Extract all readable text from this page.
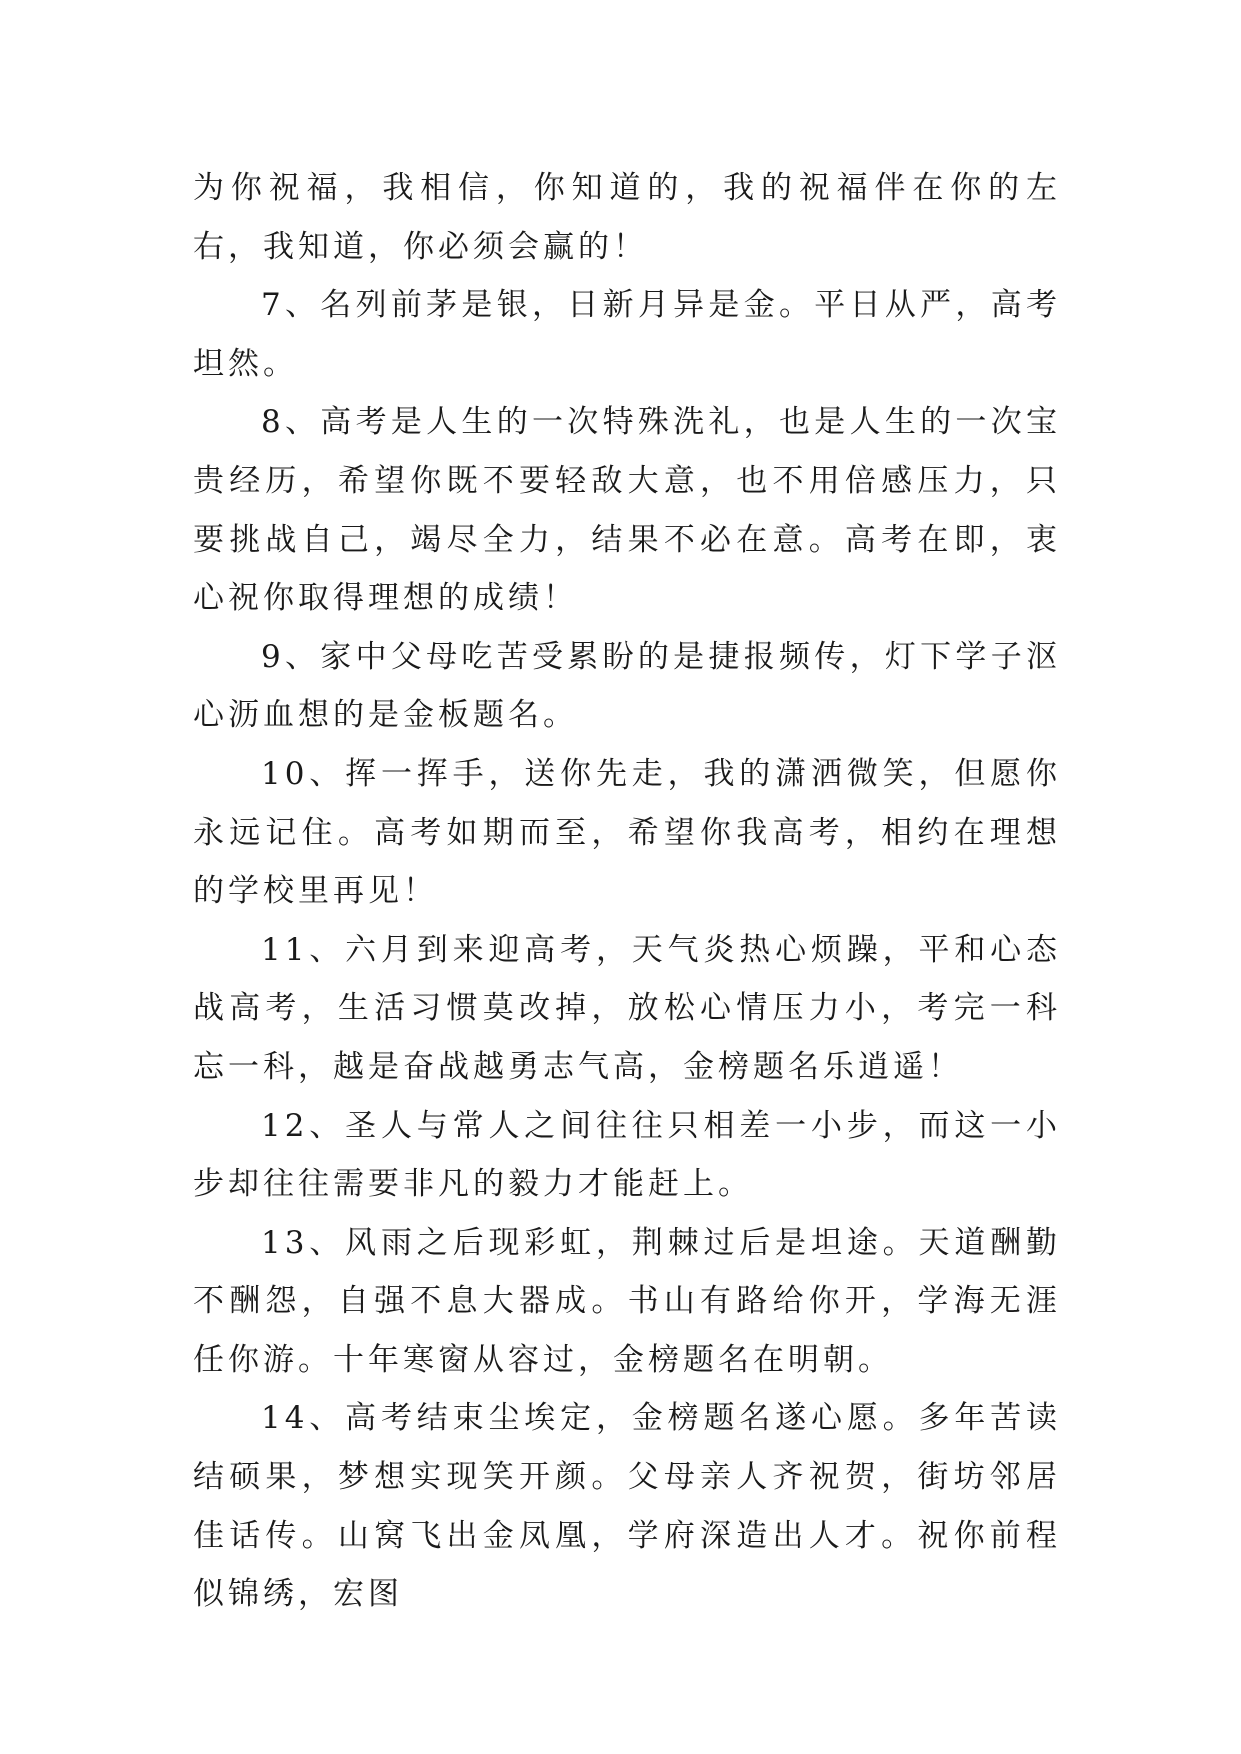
为你祝福，我相信，你知道的，我的祝福伴在你的左右，我知道，你必须会赢的！

7、名列前茅是银，日新月异是金。平日从严，高考坦然。

8、高考是人生的一次特殊洗礼，也是人生的一次宝贵经历，希望你既不要轻敌大意，也不用倍感压力，只要挑战自己，竭尽全力，结果不必在意。高考在即，衷心祝你取得理想的成绩！

9、家中父母吃苦受累盼的是捷报频传，灯下学子沤心沥血想的是金板题名。

10、挥一挥手，送你先走，我的潇洒微笑，但愿你永远记住。高考如期而至，希望你我高考，相约在理想的学校里再见！

11、六月到来迎高考，天气炎热心烦躁，平和心态战高考，生活习惯莫改掉，放松心情压力小，考完一科忘一科，越是奋战越勇志气高，金榜题名乐逍遥！

12、圣人与常人之间往往只相差一小步，而这一小步却往往需要非凡的毅力才能赶上。

13、风雨之后现彩虹，荆棘过后是坦途。天道酬勤不酬怨，自强不息大器成。书山有路给你开，学海无涯任你游。十年寒窗从容过，金榜题名在明朝。

14、高考结束尘埃定，金榜题名遂心愿。多年苦读结硕果，梦想实现笑开颜。父母亲人齐祝贺，街坊邻居佳话传。山窝飞出金凤凰，学府深造出人才。祝你前程似锦绣，宏图
